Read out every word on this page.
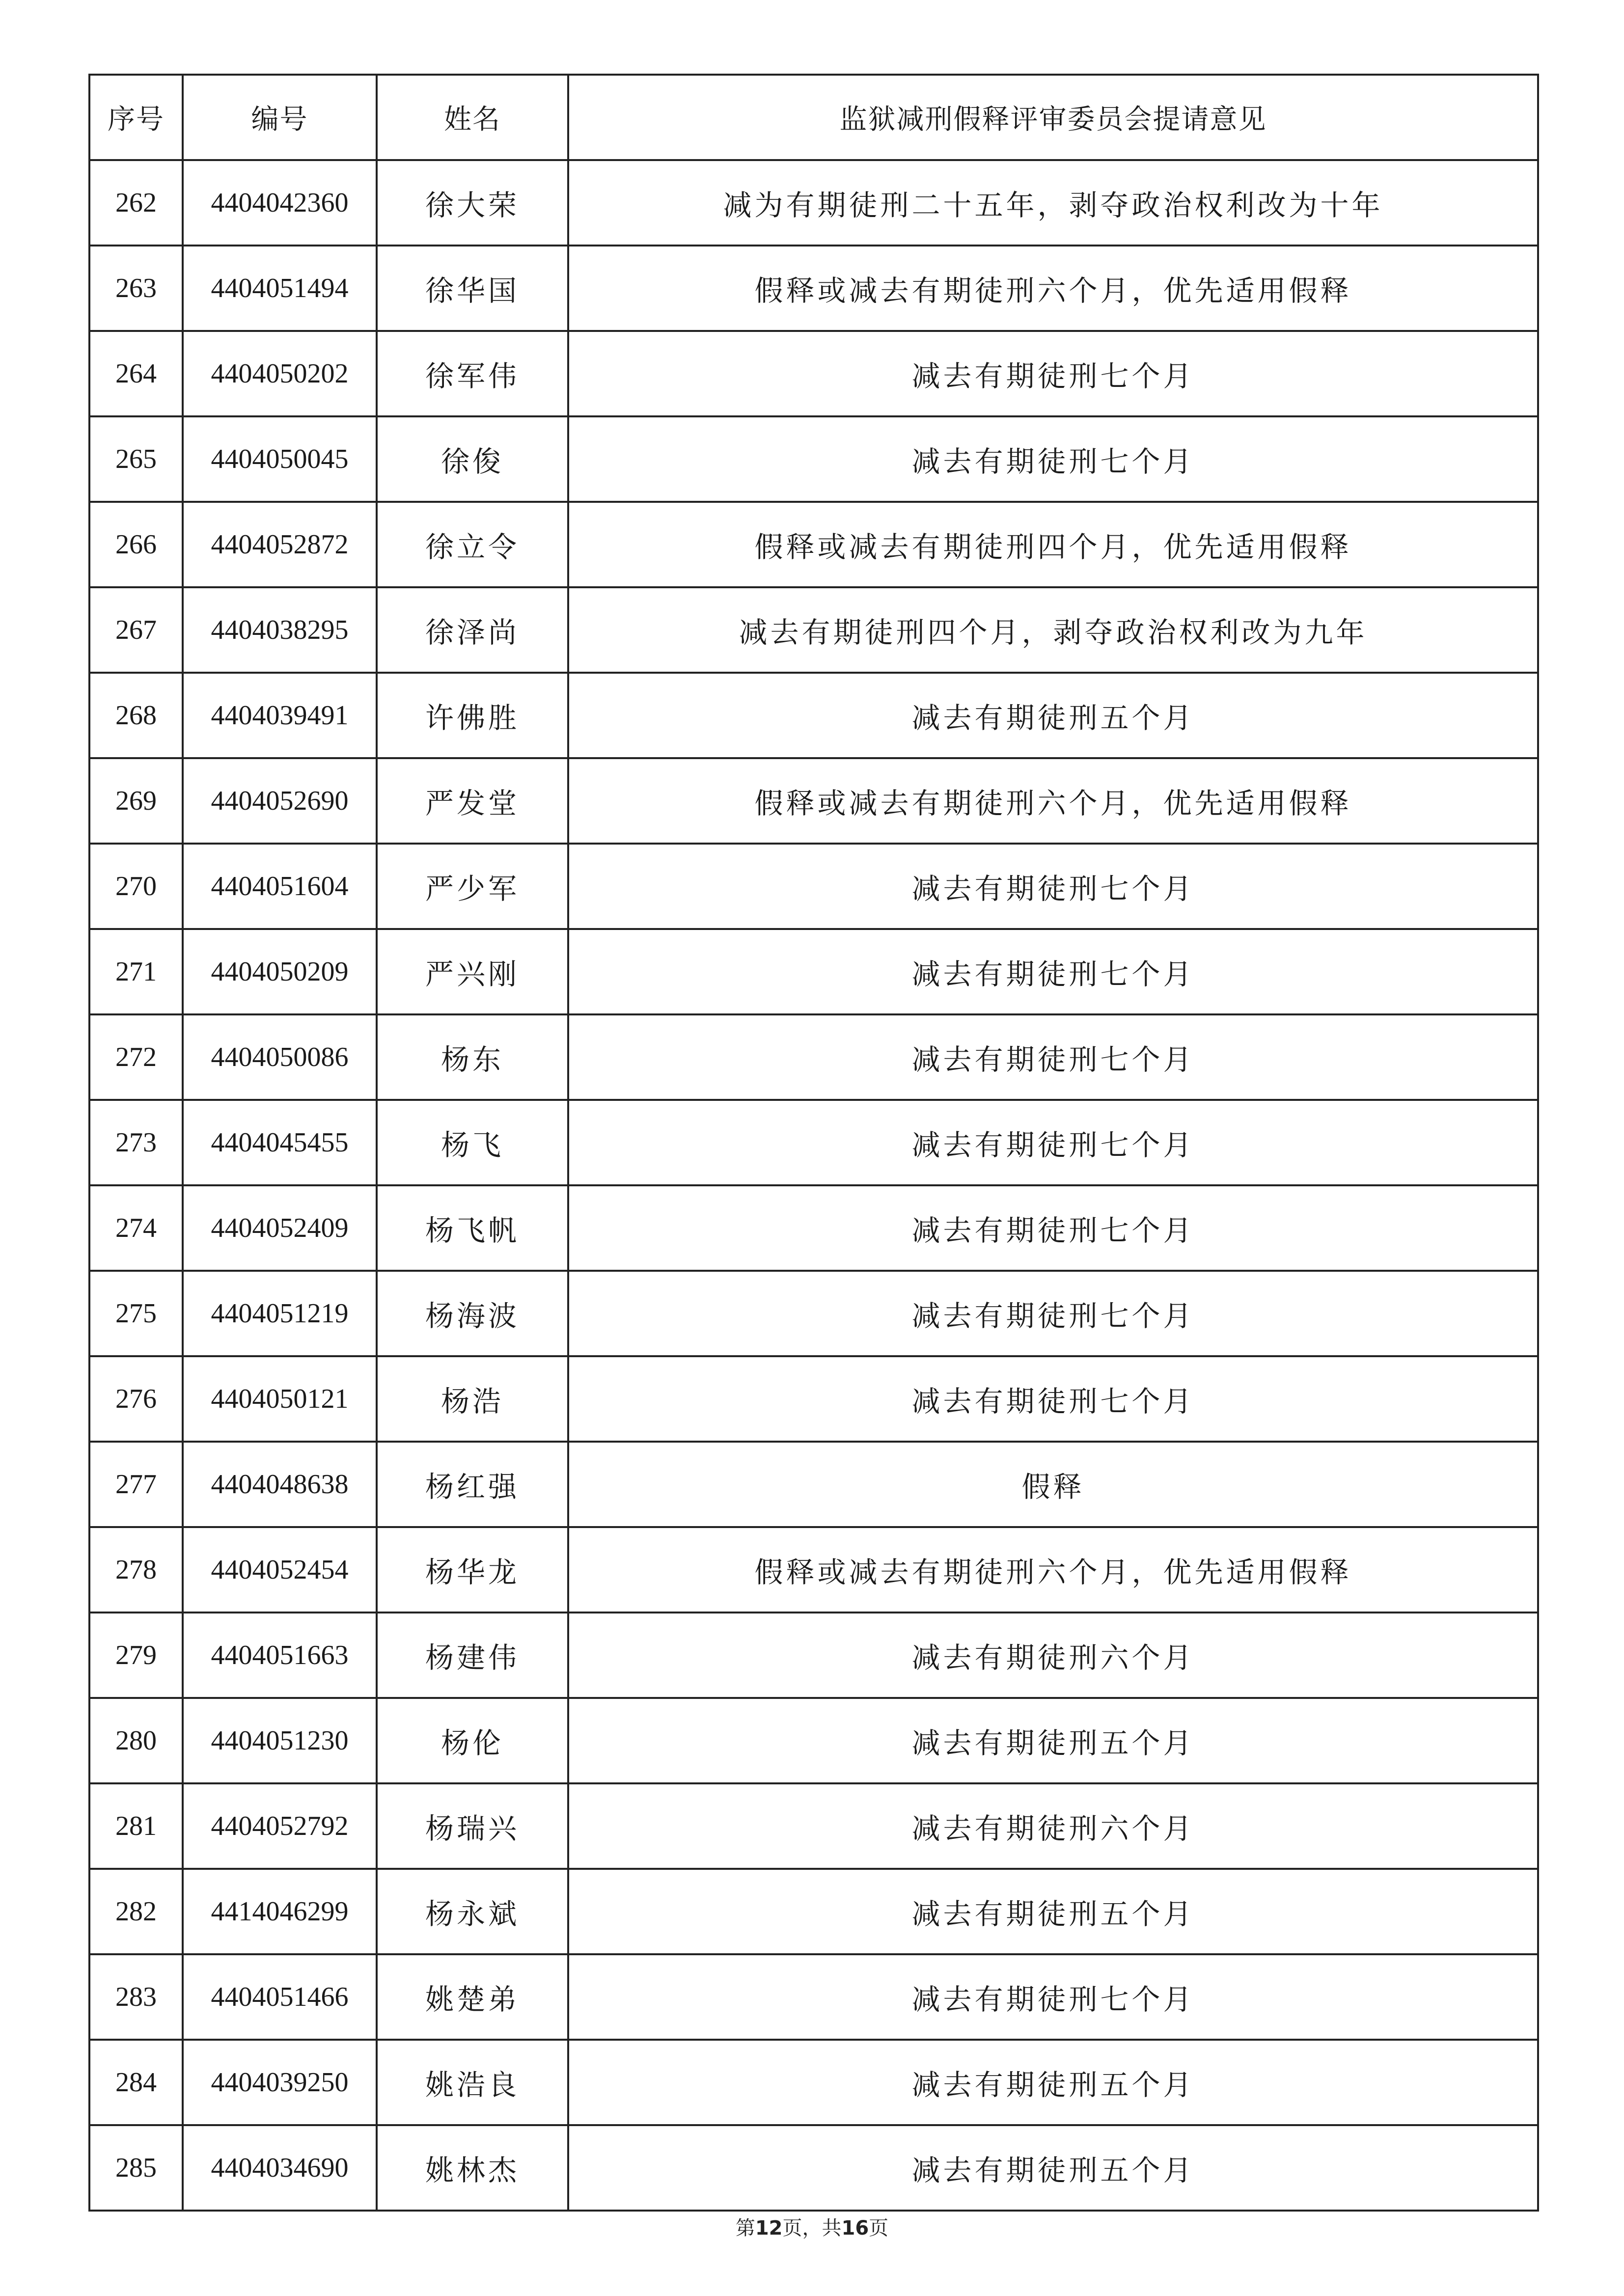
序号	编号	姓名	监狱减刑假释评审委员会提请意见
262	4404042360	徐大荣	减为有期徒刑二十五年，剥夺政治权利改为十年
263	4404051494	徐华国	假释或减去有期徒刑六个月，优先适用假释
264	4404050202	徐军伟	减去有期徒刑七个月
265	4404050045	徐俊	减去有期徒刑七个月
266	4404052872	徐立令	假释或减去有期徒刑四个月，优先适用假释
267	4404038295	徐泽尚	减去有期徒刑四个月，剥夺政治权利改为九年
268	4404039491	许佛胜	减去有期徒刑五个月
269	4404052690	严发堂	假释或减去有期徒刑六个月，优先适用假释
270	4404051604	严少军	减去有期徒刑七个月
271	4404050209	严兴刚	减去有期徒刑七个月
272	4404050086	杨东	减去有期徒刑七个月
273	4404045455	杨飞	减去有期徒刑七个月
274	4404052409	杨飞帆	减去有期徒刑七个月
275	4404051219	杨海波	减去有期徒刑七个月
276	4404050121	杨浩	减去有期徒刑七个月
277	4404048638	杨红强	假释
278	4404052454	杨华龙	假释或减去有期徒刑六个月，优先适用假释
279	4404051663	杨建伟	减去有期徒刑六个月
280	4404051230	杨伦	减去有期徒刑五个月
281	4404052792	杨瑞兴	减去有期徒刑六个月
282	4414046299	杨永斌	减去有期徒刑五个月
283	4404051466	姚楚弟	减去有期徒刑七个月
284	4404039250	姚浩良	减去有期徒刑五个月
285	4404034690	姚林杰	减去有期徒刑五个月
第12页，共16页
